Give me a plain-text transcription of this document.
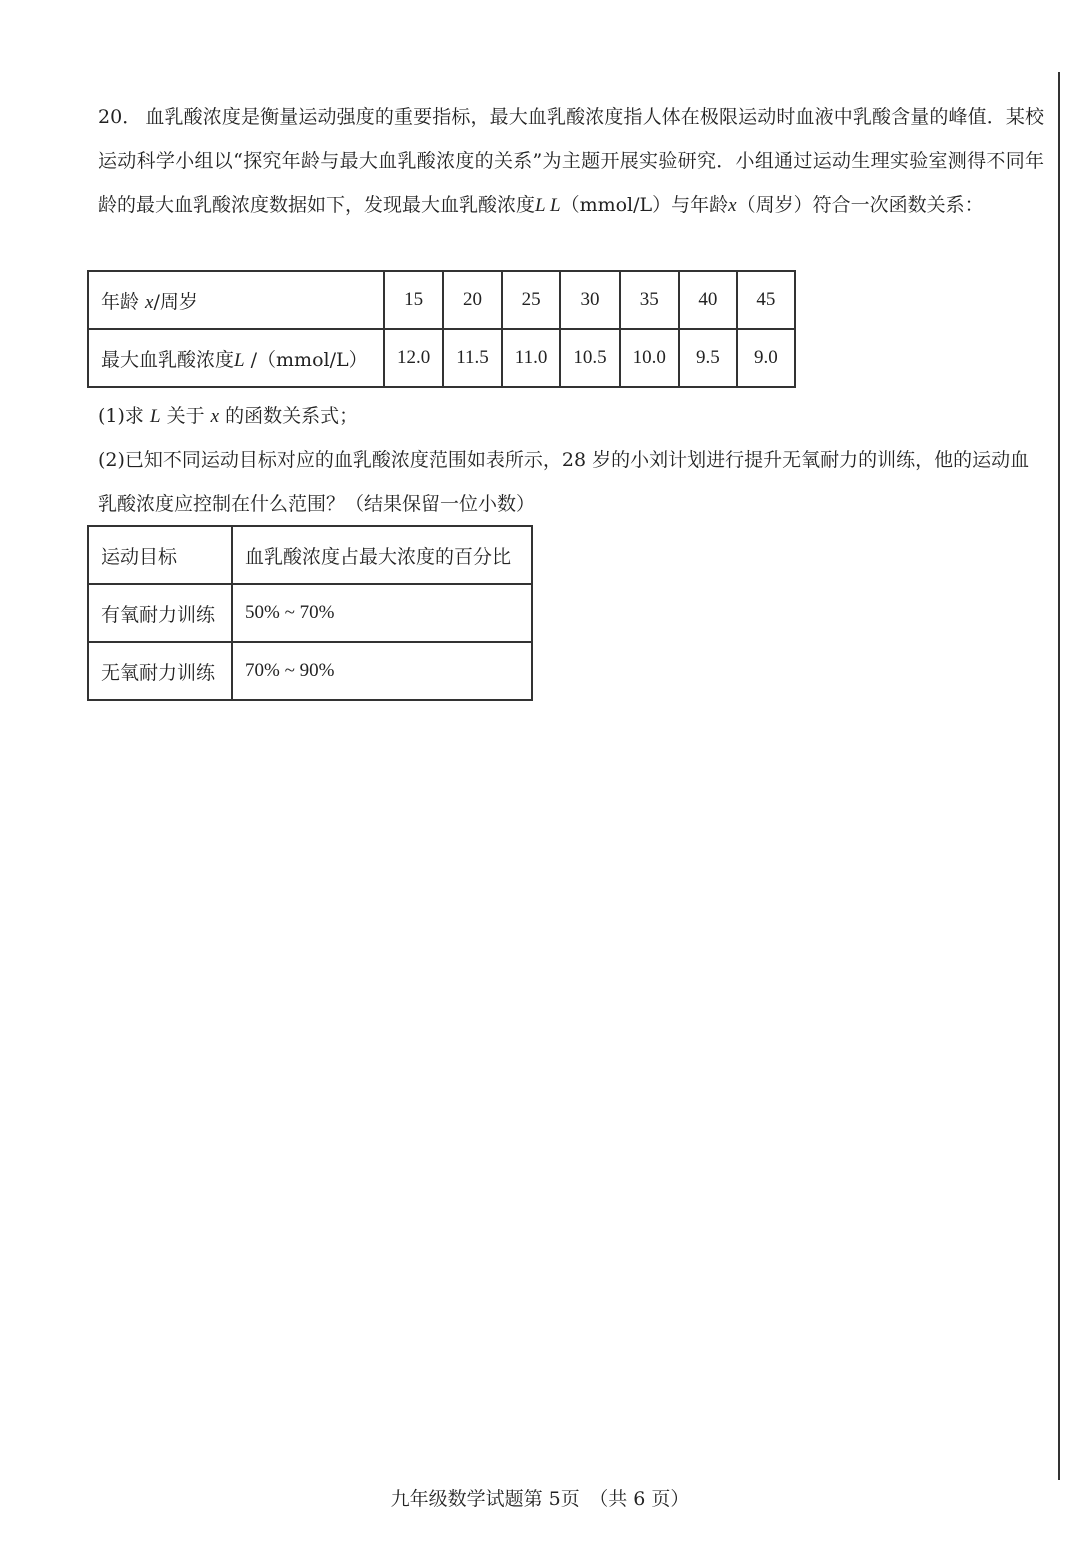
20． 血乳酸浓度是衡量运动强度的重要指标，最大血乳酸浓度指人体在极限运动时血液中乳酸含量的峰值．某校运动科学小组以“探究年龄与最大血乳酸浓度的关系”为主题开展实验研究．小组通过运动生理实验室测得不同年龄的最大血乳酸浓度数据如下，发现最大血乳酸浓度L L（mmol/L）与年龄x（周岁）符合一次函数关系：

年龄 x/周岁	15	20	25	30	35	40	45
最大血乳酸浓度L /（mmol/L）	12.0	11.5	11.0	10.5	10.0	9.5	9.0
(1)求 L 关于 x 的函数关系式；
(2)已知不同运动目标对应的血乳酸浓度范围如表所示，28 岁的小刘计划进行提升无氧耐力的训练，他的运动血乳酸浓度应控制在什么范围？（结果保留一位小数）
运动目标	血乳酸浓度占最大浓度的百分比
有氧耐力训练	50% ~ 70%
无氧耐力训练	70% ~ 90%
九年级数学试题第 5页　（共 6 页）
